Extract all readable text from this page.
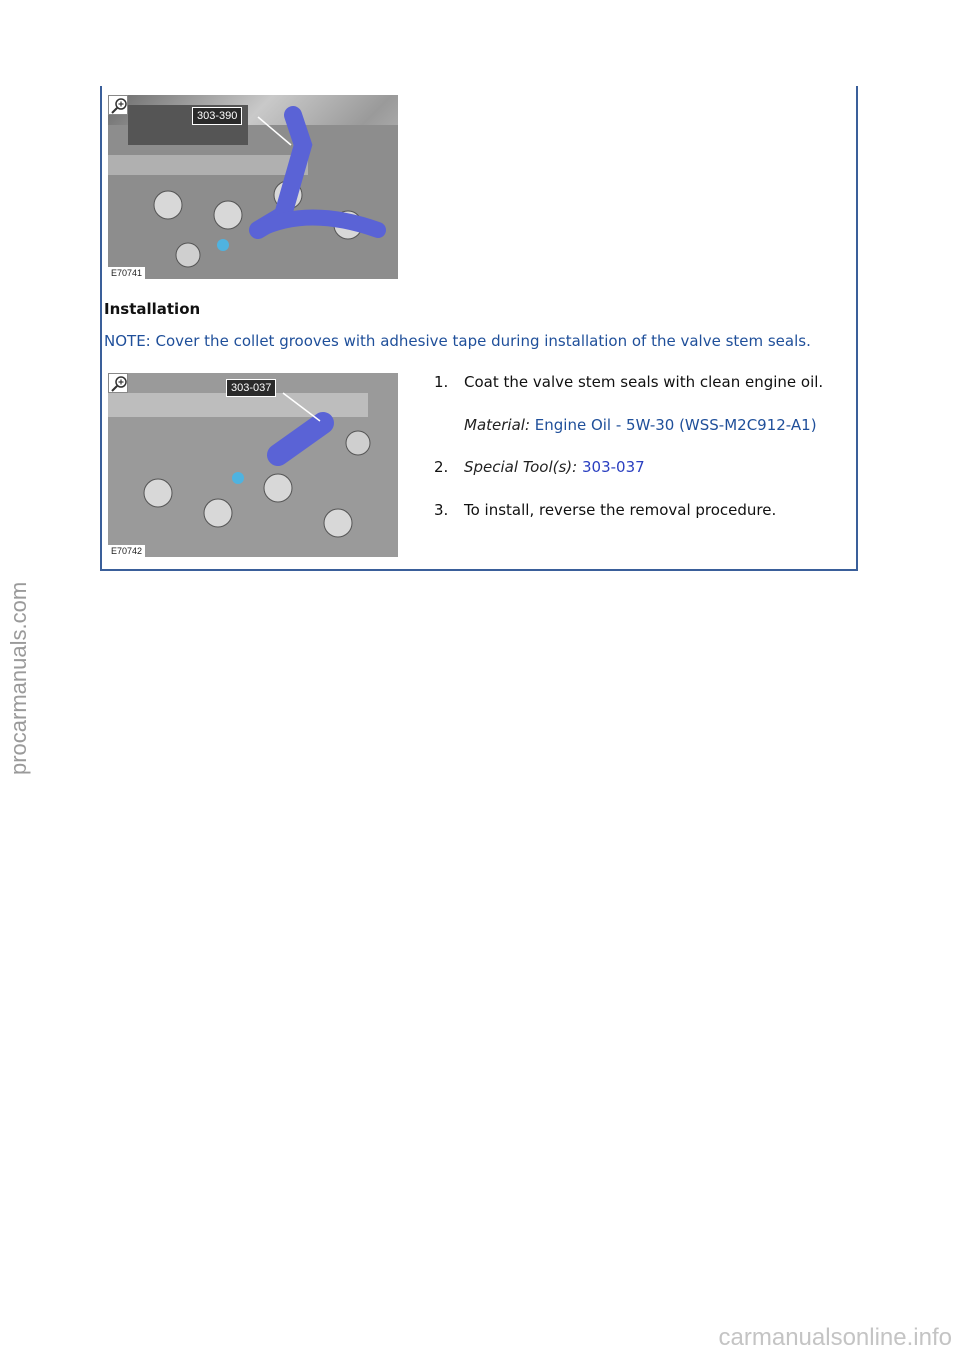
303-390
E70741
Installation
NOTE: Cover the collet grooves with adhesive tape during installation of the valve stem seals.
303-037
E70742
1.	Coat the valve stem seals with clean engine oil.
Material: Engine Oil - 5W-30 (WSS-M2C912-A1)
2.	Special Tool(s): 303-037
3.	To install, reverse the removal procedure.
procarmanuals.com
carmanualsonline.info
